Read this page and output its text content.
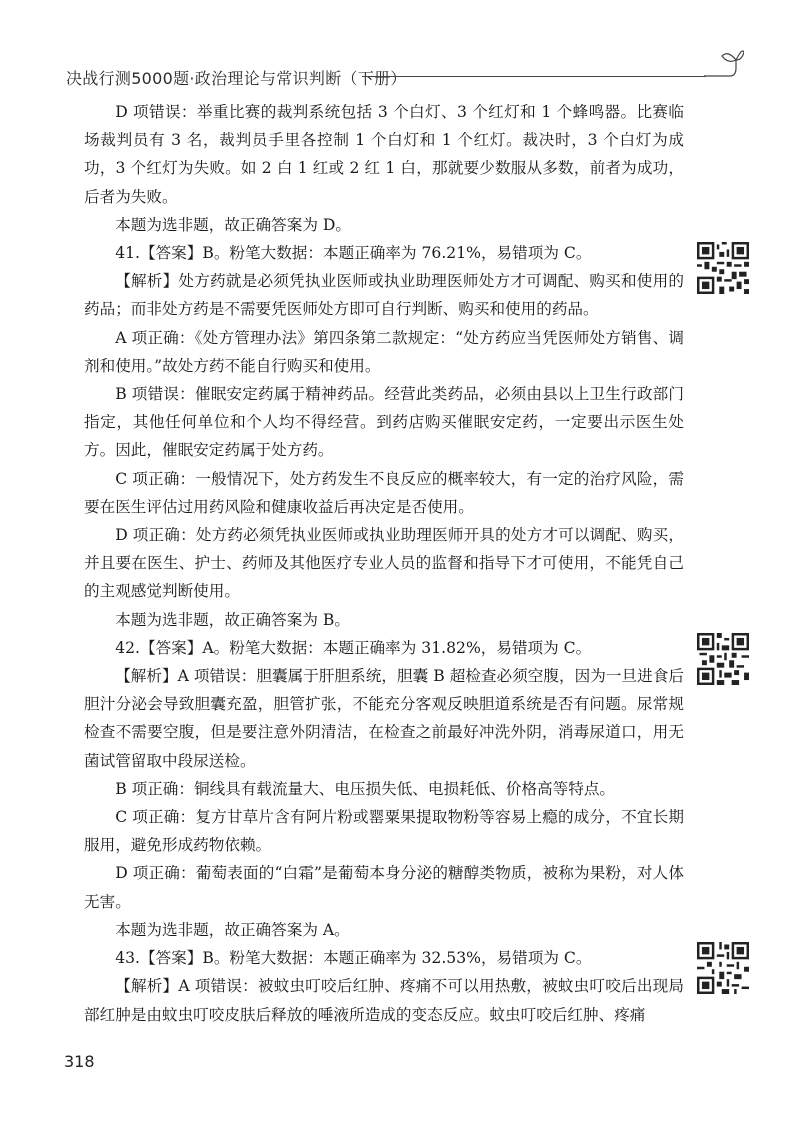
决战行测5000题·政治理论与常识判断（下册）

D 项错误：举重比赛的裁判系统包括 3 个白灯、3 个红灯和 1 个蜂鸣器。比赛临场裁判员有 3 名，裁判员手里各控制 1 个白灯和 1 个红灯。裁决时，3 个白灯为成功，3 个红灯为失败。如 2 白 1 红或 2 红 1 白，那就要少数服从多数，前者为成功，后者为失败。

本题为选非题，故正确答案为 D。

41.【答案】B。粉笔大数据：本题正确率为 76.21%，易错项为 C。

【解析】处方药就是必须凭执业医师或执业助理医师处方才可调配、购买和使用的药品；而非处方药是不需要凭医师处方即可自行判断、购买和使用的药品。

A 项正确：《处方管理办法》第四条第二款规定：“处方药应当凭医师处方销售、调剂和使用。”故处方药不能自行购买和使用。

B 项错误：催眠安定药属于精神药品。经营此类药品，必须由县以上卫生行政部门指定，其他任何单位和个人均不得经营。到药店购买催眠安定药，一定要出示医生处方。因此，催眠安定药属于处方药。

C 项正确：一般情况下，处方药发生不良反应的概率较大，有一定的治疗风险，需要在医生评估过用药风险和健康收益后再决定是否使用。

D 项正确：处方药必须凭执业医师或执业助理医师开具的处方才可以调配、购买，并且要在医生、护士、药师及其他医疗专业人员的监督和指导下才可使用，不能凭自己的主观感觉判断使用。

本题为选非题，故正确答案为 B。

42.【答案】A。粉笔大数据：本题正确率为 31.82%，易错项为 C。

【解析】A 项错误：胆囊属于肝胆系统，胆囊 B 超检查必须空腹，因为一旦进食后胆汁分泌会导致胆囊充盈，胆管扩张，不能充分客观反映胆道系统是否有问题。尿常规检查不需要空腹，但是要注意外阴清洁，在检查之前最好冲洗外阴，消毒尿道口，用无菌试管留取中段尿送检。

B 项正确：铜线具有载流量大、电压损失低、电损耗低、价格高等特点。

C 项正确：复方甘草片含有阿片粉或罂粟果提取物粉等容易上瘾的成分，不宜长期服用，避免形成药物依赖。

D 项正确：葡萄表面的“白霜”是葡萄本身分泌的糖醇类物质，被称为果粉，对人体无害。

本题为选非题，故正确答案为 A。

43.【答案】B。粉笔大数据：本题正确率为 32.53%，易错项为 C。

【解析】A 项错误：被蚊虫叮咬后红肿、疼痛不可以用热敷，被蚊虫叮咬后出现局部红肿是由蚊虫叮咬皮肤后释放的唾液所造成的变态反应。蚊虫叮咬后红肿、疼痛

318
